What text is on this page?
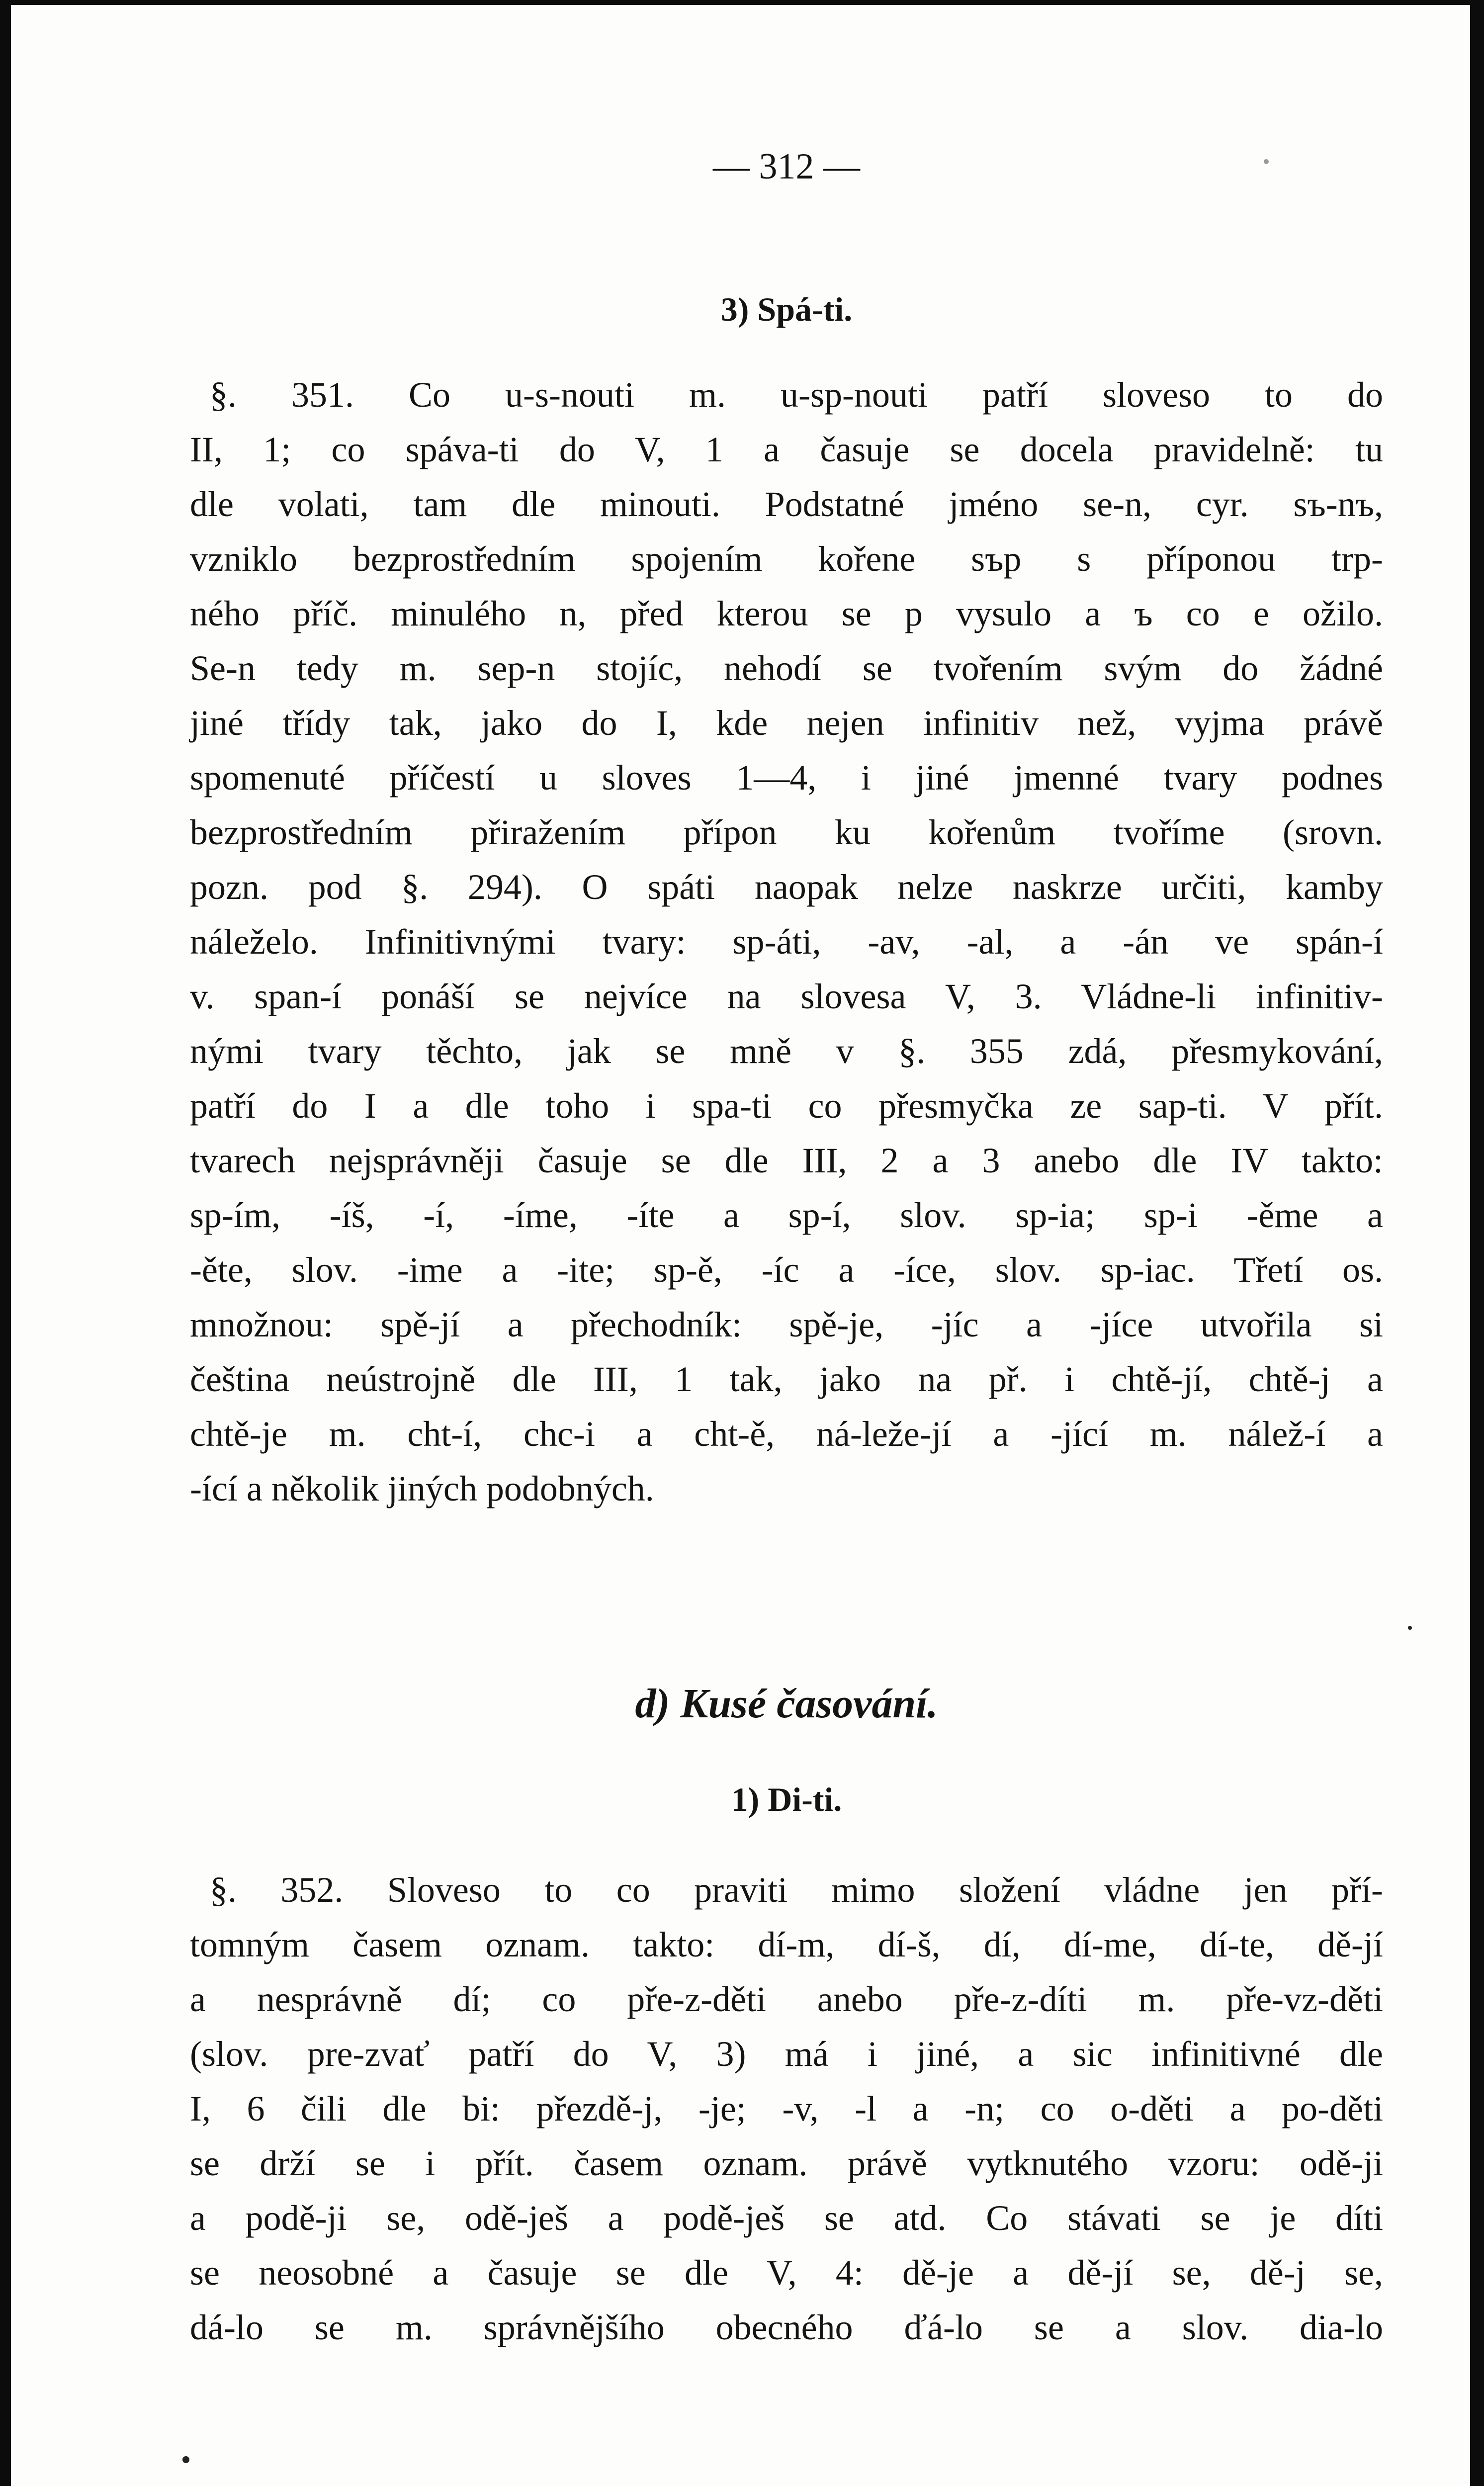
— 312 —
3) Spá-ti.
§. 351. Co u-s-nouti m. u-sp-nouti patří sloveso to do
II, 1; co spáva-ti do V, 1 a časuje se docela pravidelně: tu
dle volati, tam dle minouti. Podstatné jméno se-n, cyr. sъ-nъ,
vzniklo bezprostředním spojením kořene sъp s příponou trp-
ného příč. minulého n, před kterou se p vysulo a ъ co e ožilo.
Se-n tedy m. sep-n stojíc, nehodí se tvořením svým do žádné
jiné třídy tak, jako do I, kde nejen infinitiv než, vyjma právě
spomenuté příčestí u sloves 1—4, i jiné jmenné tvary podnes
bezprostředním přiražením přípon ku kořenům tvoříme (srovn.
pozn. pod §. 294). O spáti naopak nelze naskrze určiti, kamby
náleželo. Infinitivnými tvary: sp-áti, -av, -al, a -án ve spán-í
v. span-í ponáší se nejvíce na slovesa V, 3. Vládne-li infinitiv-
nými tvary těchto, jak se mně v §. 355 zdá, přesmykování,
patří do I a dle toho i spa-ti co přesmyčka ze sap-ti. V přít.
tvarech nejsprávněji časuje se dle III, 2 a 3 anebo dle IV takto:
sp-ím, -íš, -í, -íme, -íte a sp-í, slov. sp-ia; sp-i -ěme a
-ěte, slov. -ime a -ite; sp-ě, -íc a -íce, slov. sp-iac. Třetí os.
množnou: spě-jí a přechodník: spě-je, -jíc a -jíce utvořila si
čeština neústrojně dle III, 1 tak, jako na př. i chtě-jí, chtě-j a
chtě-je m. cht-í, chc-i a cht-ě, ná-leže-jí a -jící m. nálež-í a
-ící a několik jiných podobných.
d) Kusé časování.
1) Di-ti.
§. 352. Sloveso to co praviti mimo složení vládne jen pří-
tomným časem oznam. takto: dí-m, dí-š, dí, dí-me, dí-te, dě-jí
a nesprávně dí; co pře-z-děti anebo pře-z-díti m. pře-vz-děti
(slov. pre-zvať patří do V, 3) má i jiné, a sic infinitivné dle
I, 6 čili dle bi: přezdě-j, -je; -v, -l a -n; co o-děti a po-děti
se drží se i přít. časem oznam. právě vytknutého vzoru: odě-ji
a podě-ji se, odě-ješ a podě-ješ se atd. Co stávati se je díti
se neosobné a časuje se dle V, 4: dě-je a dě-jí se, dě-j se,
dá-lo se m. správnějšího obecného ďá-lo se a slov. dia-lo
